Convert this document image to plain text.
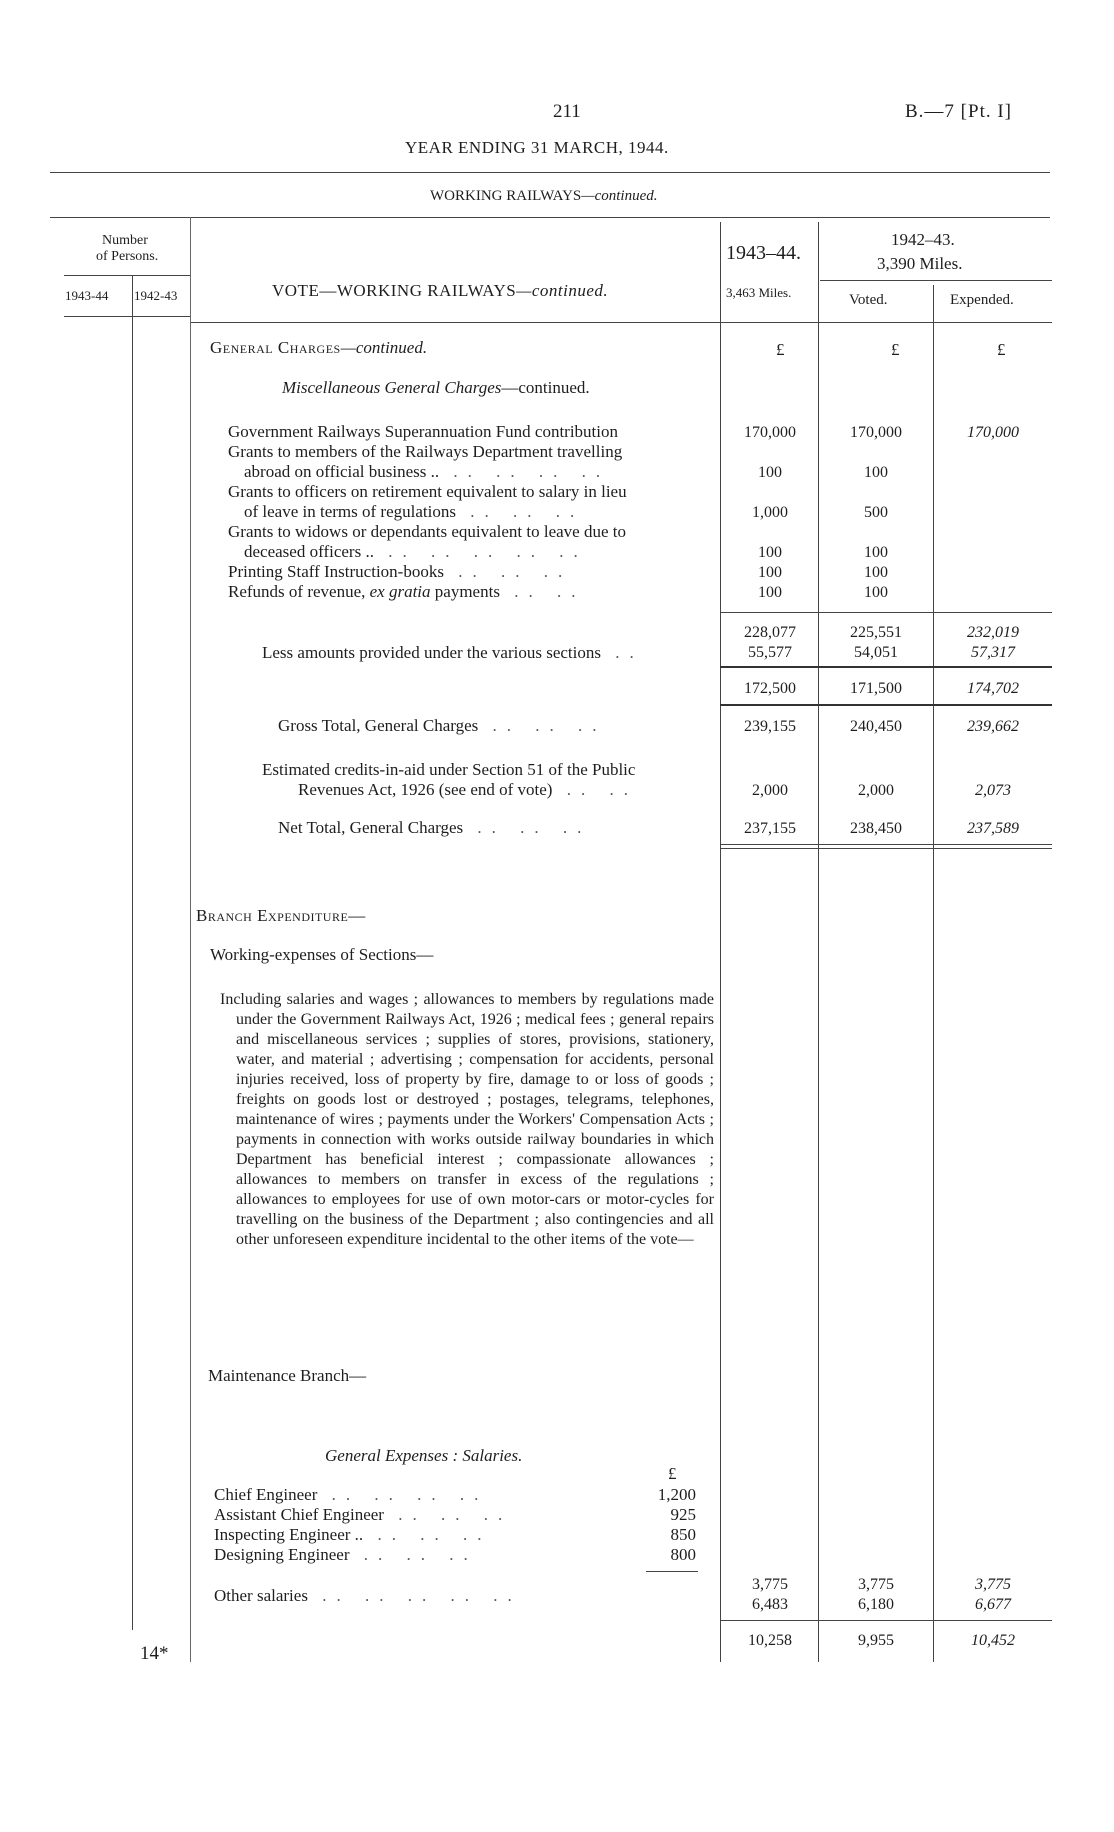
211	B.—7 [Pt. I]
YEAR ENDING 31 MARCH, 1944.
WORKING RAILWAYS—continued.
Number
of Persons.
1943-44 1942-43	VOTE—WORKING RAILWAYS—continued.
1943–44.
3,463 Miles.
1942–43.
3,390 Miles.
Voted.	Expended.
General Charges—continued.	£	£	£
Miscellaneous General Charges—continued.
Government Railways Superannuation Fund contribution	170,000	170,000	170,000
Grants to members of the Railways Department travelling
abroad on official business .. .. .. .. ..	100	100
Grants to officers on retirement equivalent to salary in lieu
of leave in terms of regulations .. .. ..	1,000	500
Grants to widows or dependants equivalent to leave due to
deceased officers .. .. .. .. .. ..	100	100
Printing Staff Instruction-books .. .. ..	100	100
Refunds of revenue, ex gratia payments .. ..	100	100
228,077	225,551	232,019
Less amounts provided under the various sections ..	55,577	54,051	57,317
172,500	171,500	174,702
Gross Total, General Charges .. .. ..	239,155	240,450	239,662
Estimated credits-in-aid under Section 51 of the Public
Revenues Act, 1926 (see end of vote) .. ..	2,000	2,000	2,073
Net Total, General Charges .. .. ..	237,155	238,450	237,589
Branch Expenditure—
Working-expenses of Sections—
Including salaries and wages ; allowances to members by regulations made under the Government Railways Act, 1926 ; medical fees ; general repairs and miscellaneous services ; supplies of stores, provisions, stationery, water, and material ; advertising ; compensation for accidents, personal injuries received, loss of property by fire, damage to or loss of goods ; freights on goods lost or destroyed ; postages, telegrams, telephones, maintenance of wires ; payments under the Workers' Compensation Acts ; payments in connection with works outside railway boundaries in which Department has beneficial interest ; compassionate allowances ; allowances to members on transfer in excess of the regulations ; allowances to employees for use of own motor-cars or motor-cycles for travelling on the business of the Department ; also contingencies and all other unforeseen expenditure incidental to the other items of the vote—
Maintenance Branch—
General Expenses : Salaries.
£
Chief Engineer .. .. .. ..	1,200
Assistant Chief Engineer .. .. ..	925
Inspecting Engineer .. .. .. ..	850
Designing Engineer .. .. ..	800
3,775	3,775	3,775
Other salaries .. .. .. .. ..	6,483	6,180	6,677
10,258	9,955	10,452
14*
